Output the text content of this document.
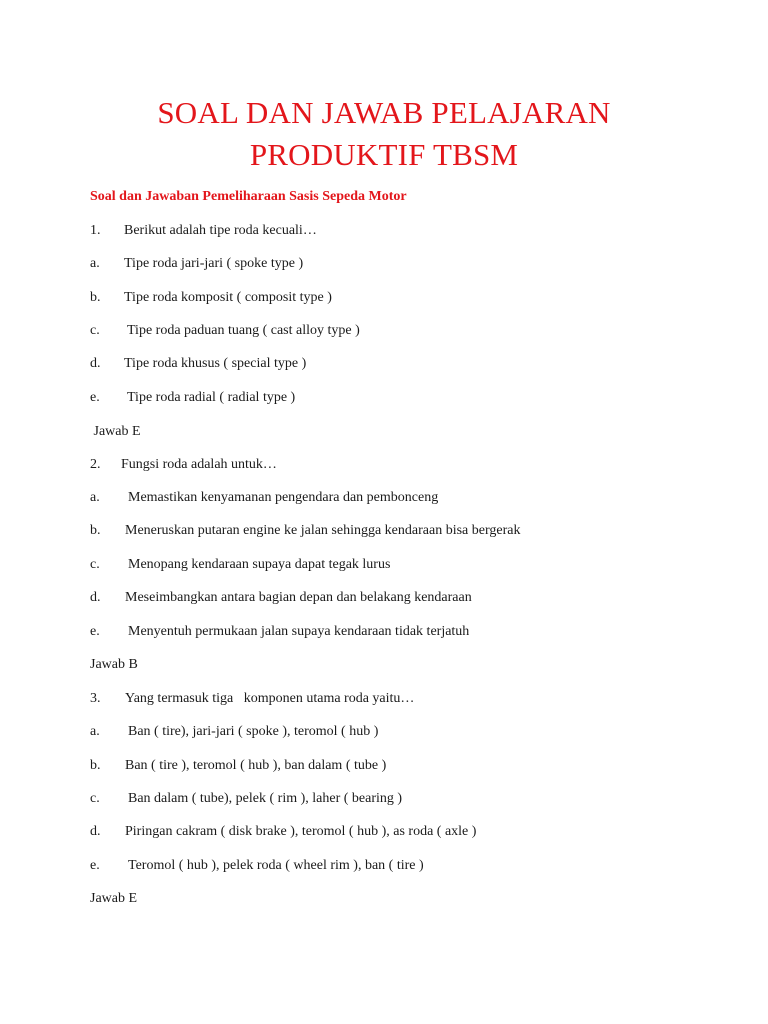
SOAL DAN JAWAB PELAJARAN
PRODUKTIF TBSM
Soal dan Jawaban Pemeliharaan Sasis Sepeda Motor
1. Berikut adalah tipe roda kecuali…
a. Tipe roda jari-jari ( spoke type )
b. Tipe roda komposit ( composit type )
c. Tipe roda paduan tuang ( cast alloy type )
d. Tipe roda khusus ( special type )
e. Tipe roda radial ( radial type )
Jawab E
2. Fungsi roda adalah untuk…
a. Memastikan kenyamanan pengendara dan pembonceng
b. Meneruskan putaran engine ke jalan sehingga kendaraan bisa bergerak
c. Menopang kendaraan supaya dapat tegak lurus
d. Meseimbangkan antara bagian depan dan belakang kendaraan
e. Menyentuh permukaan jalan supaya kendaraan tidak terjatuh
Jawab B
3. Yang termasuk tiga   komponen utama roda yaitu…
a. Ban ( tire), jari-jari ( spoke ), teromol ( hub )
b. Ban ( tire ), teromol ( hub ), ban dalam ( tube )
c. Ban dalam ( tube), pelek ( rim ), laher ( bearing )
d. Piringan cakram ( disk brake ), teromol ( hub ), as roda ( axle )
e. Teromol ( hub ), pelek roda ( wheel rim ), ban ( tire )
Jawab E
